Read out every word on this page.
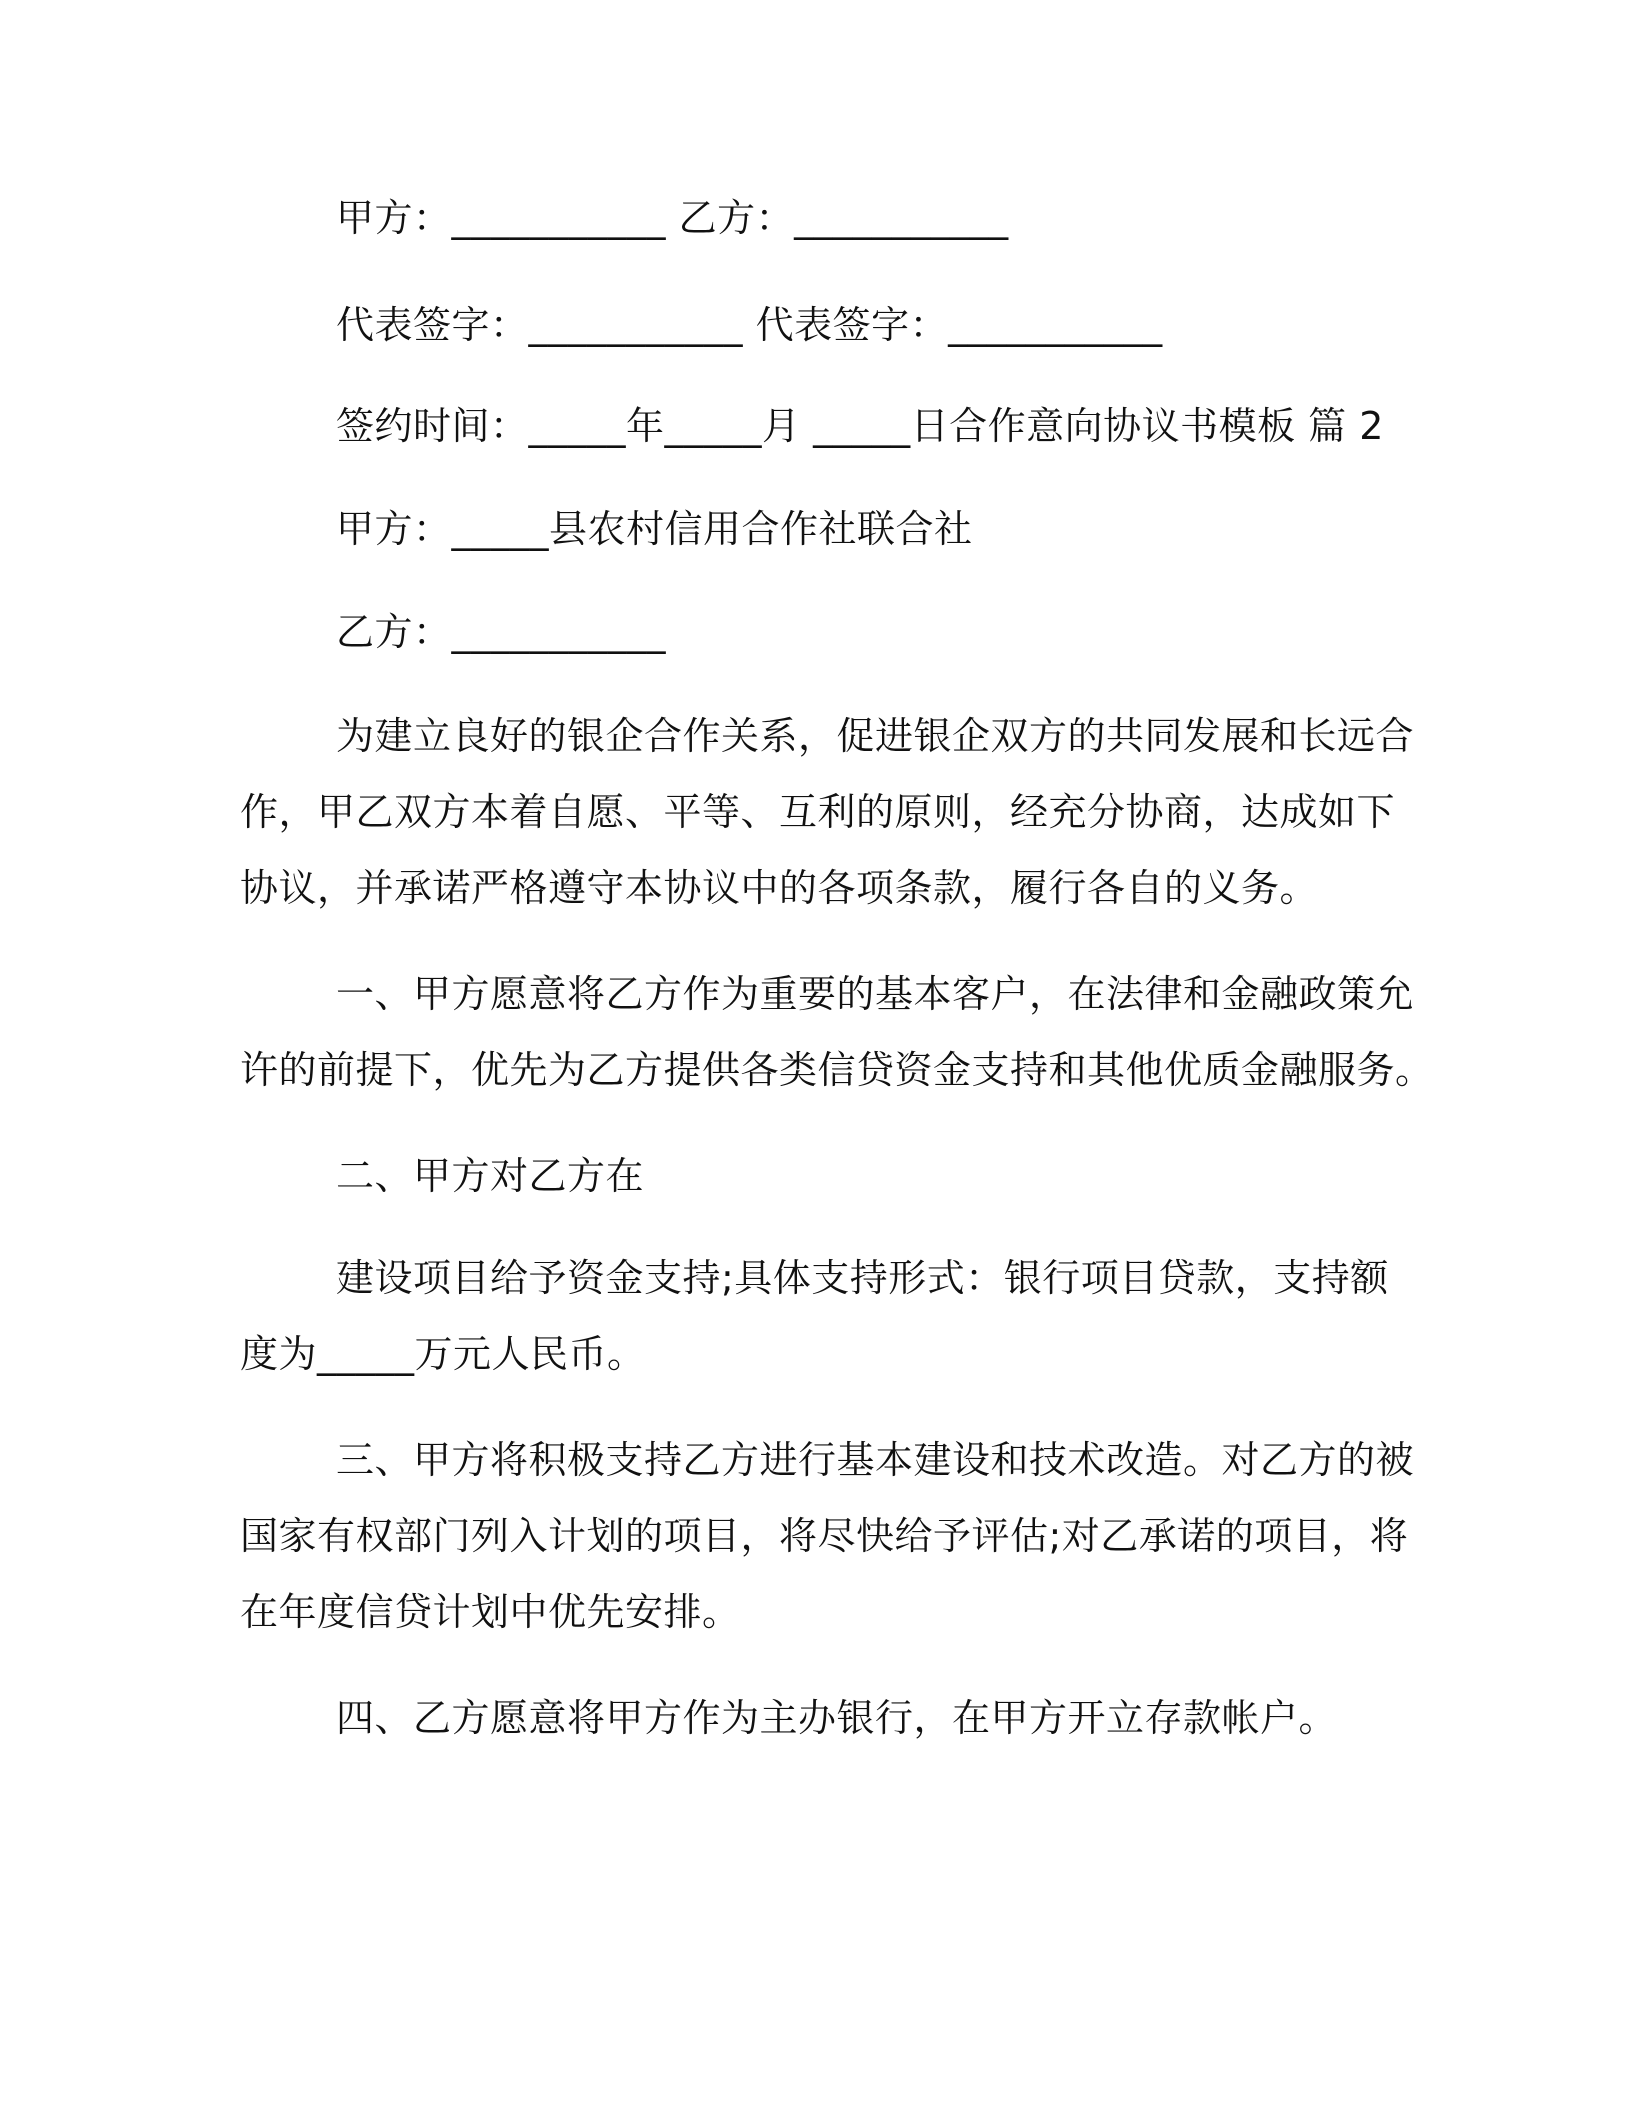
甲方：___________ 乙方：___________
代表签字：___________ 代表签字：___________
签约时间：_____年_____月 _____日合作意向协议书模板 篇 2
甲方：_____县农村信用合作社联合社
乙方：___________
为建立良好的银企合作关系，促进银企双方的共同发展和长远合
作，甲乙双方本着自愿、平等、互利的原则，经充分协商，达成如下
协议，并承诺严格遵守本协议中的各项条款，履行各自的义务。
一、甲方愿意将乙方作为重要的基本客户，在法律和金融政策允
许的前提下，优先为乙方提供各类信贷资金支持和其他优质金融服务。
二、甲方对乙方在
建设项目给予资金支持;具体支持形式：银行项目贷款，支持额
度为_____万元人民币。
三、甲方将积极支持乙方进行基本建设和技术改造。对乙方的被
国家有权部门列入计划的项目，将尽快给予评估;对乙承诺的项目，将
在年度信贷计划中优先安排。
四、乙方愿意将甲方作为主办银行，在甲方开立存款帐户。
